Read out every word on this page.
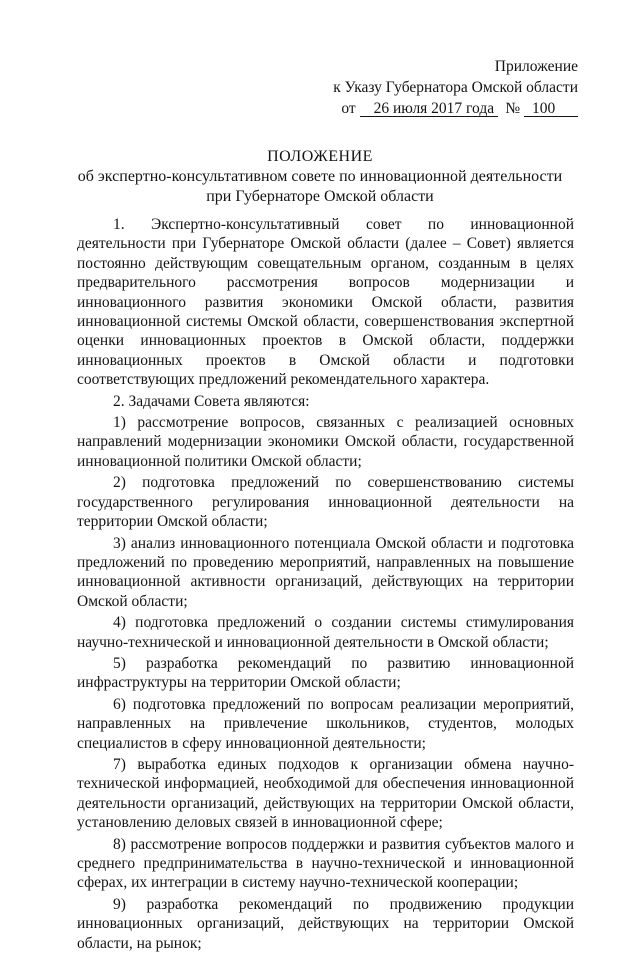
Приложение
к Указу Губернатора Омской области
от 26 июля 2017 года № 100
ПОЛОЖЕНИЕ
об экспертно-консультативном совете по инновационной деятельности
при Губернаторе Омской области

1. Экспертно-консультативный совет по инновационной деятельности при Губернаторе Омской области (далее – Совет) является постоянно действующим совещательным органом, созданным в целях предварительного рассмотрения вопросов модернизации и инновационного развития экономики Омской области, развития инновационной системы Омской области, совершенствования экспертной оценки инновационных проектов в Омской области, поддержки инновационных проектов в Омской области и подготовки соответствующих предложений рекомендательного характера.

2. Задачами Совета являются:

1) рассмотрение вопросов, связанных с реализацией основных направлений модернизации экономики Омской области, государственной инновационной политики Омской области;

2) подготовка предложений по совершенствованию системы государственного регулирования инновационной деятельности на территории Омской области;

3) анализ инновационного потенциала Омской области и подготовка предложений по проведению мероприятий, направленных на повышение инновационной активности организаций, действующих на территории Омской области;

4) подготовка предложений о создании системы стимулирования научно-технической и инновационной деятельности в Омской области;

5) разработка рекомендаций по развитию инновационной инфраструктуры на территории Омской области;

6) подготовка предложений по вопросам реализации мероприятий, направленных на привлечение школьников, студентов, молодых специалистов в сферу инновационной деятельности;

7) выработка единых подходов к организации обмена научно-технической информацией, необходимой для обеспечения инновационной деятельности организаций, действующих на территории Омской области, установлению деловых связей в инновационной сфере;

8) рассмотрение вопросов поддержки и развития субъектов малого и среднего предпринимательства в научно-технической и инновационной сферах, их интеграции в систему научно-технической кооперации;

9) разработка рекомендаций по продвижению продукции инновационных организаций, действующих на территории Омской области, на рынок;
